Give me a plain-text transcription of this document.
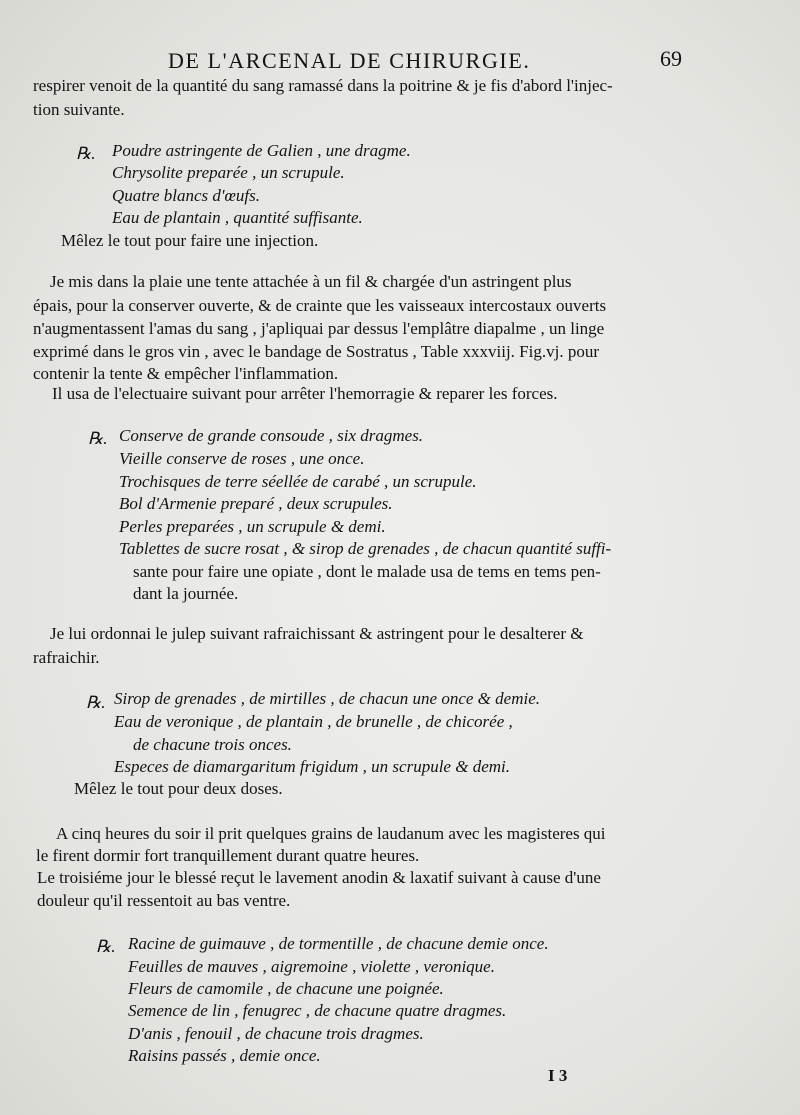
DE L'ARCENAL DE CHIRURGIE.	69
respirer venoit de la quantité du sang ramassé dans la poitrine & je fis d'abord l'injec-
tion suivante.
℞. Poudre astringente de Galien , une dragme.
Chrysolite preparée , un scrupule.
Quatre blancs d'œufs.
Eau de plantain , quantité suffisante.
Mêlez le tout pour faire une injection.
Je mis dans la plaie une tente attachée à un fil & chargée d'un astringent plus
épais, pour la conserver ouverte, & de crainte que les vaisseaux intercostaux ouverts
n'augmentassent l'amas du sang , j'apliquai par dessus l'emplâtre diapalme , un linge
exprimé dans le gros vin , avec le bandage de Sostratus , Table xxxviij. Fig.vj. pour
contenir la tente & empêcher l'inflammation.
Il usa de l'electuaire suivant pour arrêter l'hemorragie & reparer les forces.
℞. Conserve de grande consoude , six dragmes.
Vieille conserve de roses , une once.
Trochisques de terre séellée de carabé , un scrupule.
Bol d'Armenie preparé , deux scrupules.
Perles preparées , un scrupule & demi.
Tablettes de sucre rosat , & sirop de grenades , de chacun quantité suffi-
sante pour faire une opiate , dont le malade usa de tems en tems pen-
dant la journée.
Je lui ordonnai le julep suivant rafraichissant & astringent pour le desalterer &
rafraichir.
℞. Sirop de grenades , de mirtilles , de chacun une once & demie.
Eau de veronique , de plantain , de brunelle , de chicorée ,
de chacune trois onces.
Especes de diamargaritum frigidum , un scrupule & demi.
Mêlez le tout pour deux doses.
A cinq heures du soir il prit quelques grains de laudanum avec les magisteres qui
le firent dormir fort tranquillement durant quatre heures.
Le troisiéme jour le blessé reçut le lavement anodin & laxatif suivant à cause d'une
douleur qu'il ressentoit au bas ventre.
℞. Racine de guimauve , de tormentille , de chacune demie once.
Feuilles de mauves , aigremoine , violette , veronique.
Fleurs de camomile , de chacune une poignée.
Semence de lin , fenugrec , de chacune quatre dragmes.
D'anis , fenouil , de chacune trois dragmes.
Raisins passés , demie once.
I 3
